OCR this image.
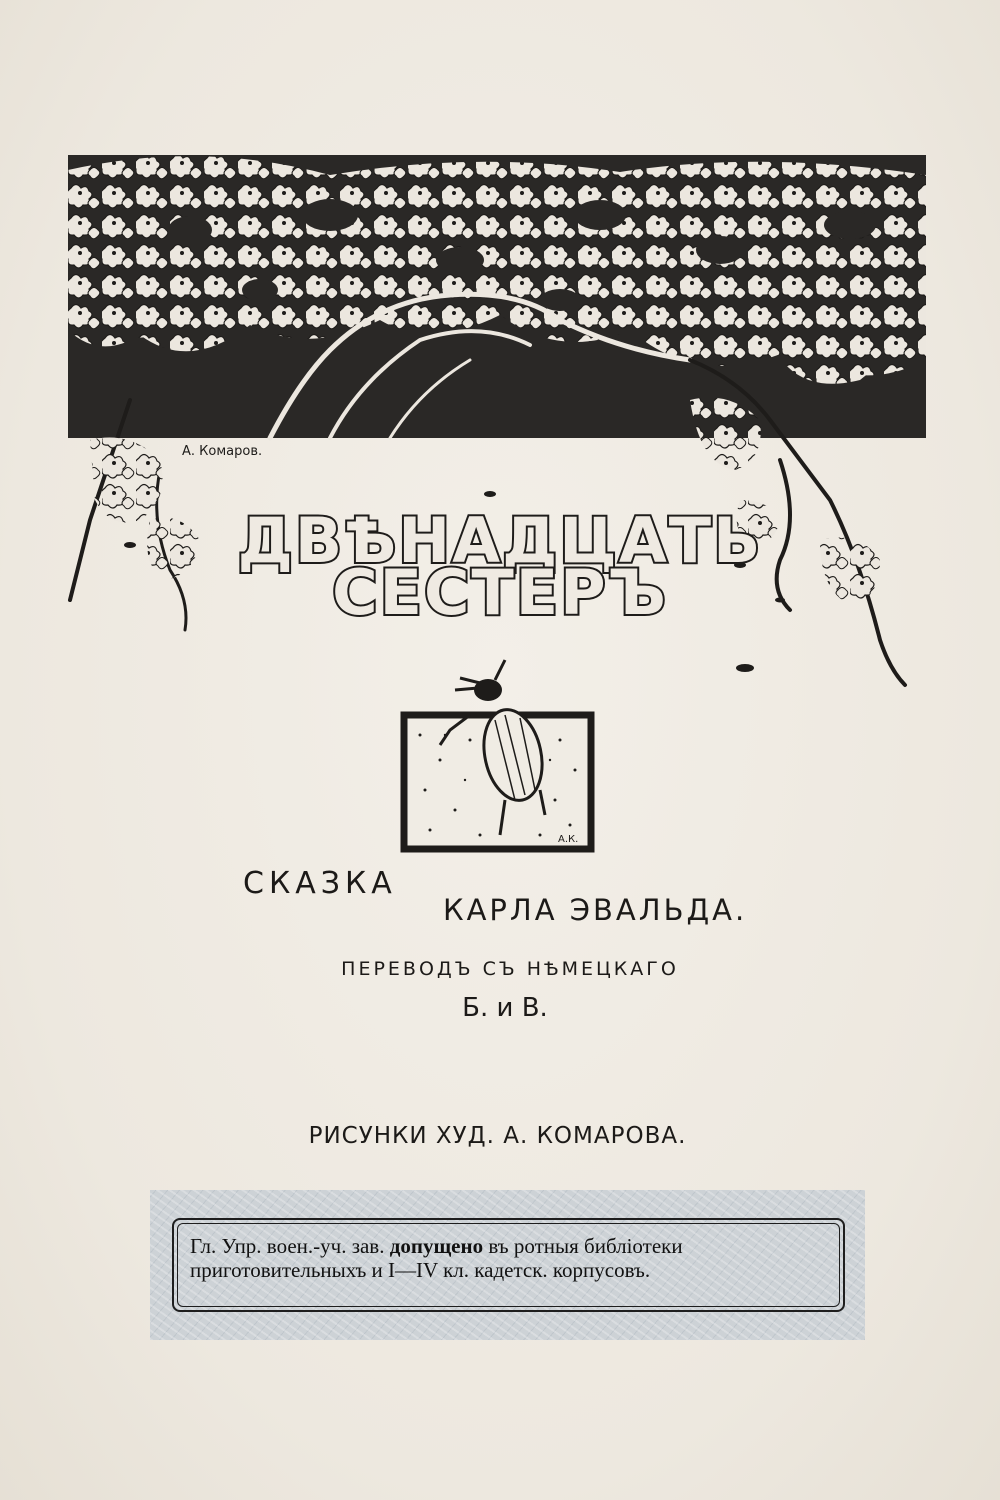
А. Комаров.
А.К.
ДВѢНАДЦАТЬ
СЕСТЕРЪ
СКАЗКА
КАРЛА ЭВАЛЬДА.
ПЕРЕВОДЪ СЪ НѢМЕЦКАГО
Б. и В.
РИСУНКИ ХУД. А. КОМАРОВА.
Гл. Упр. воен.-уч. зав. допущено въ ротныя библіотеки
приготовительныхъ и I—IV кл. кадетск. корпусовъ.
